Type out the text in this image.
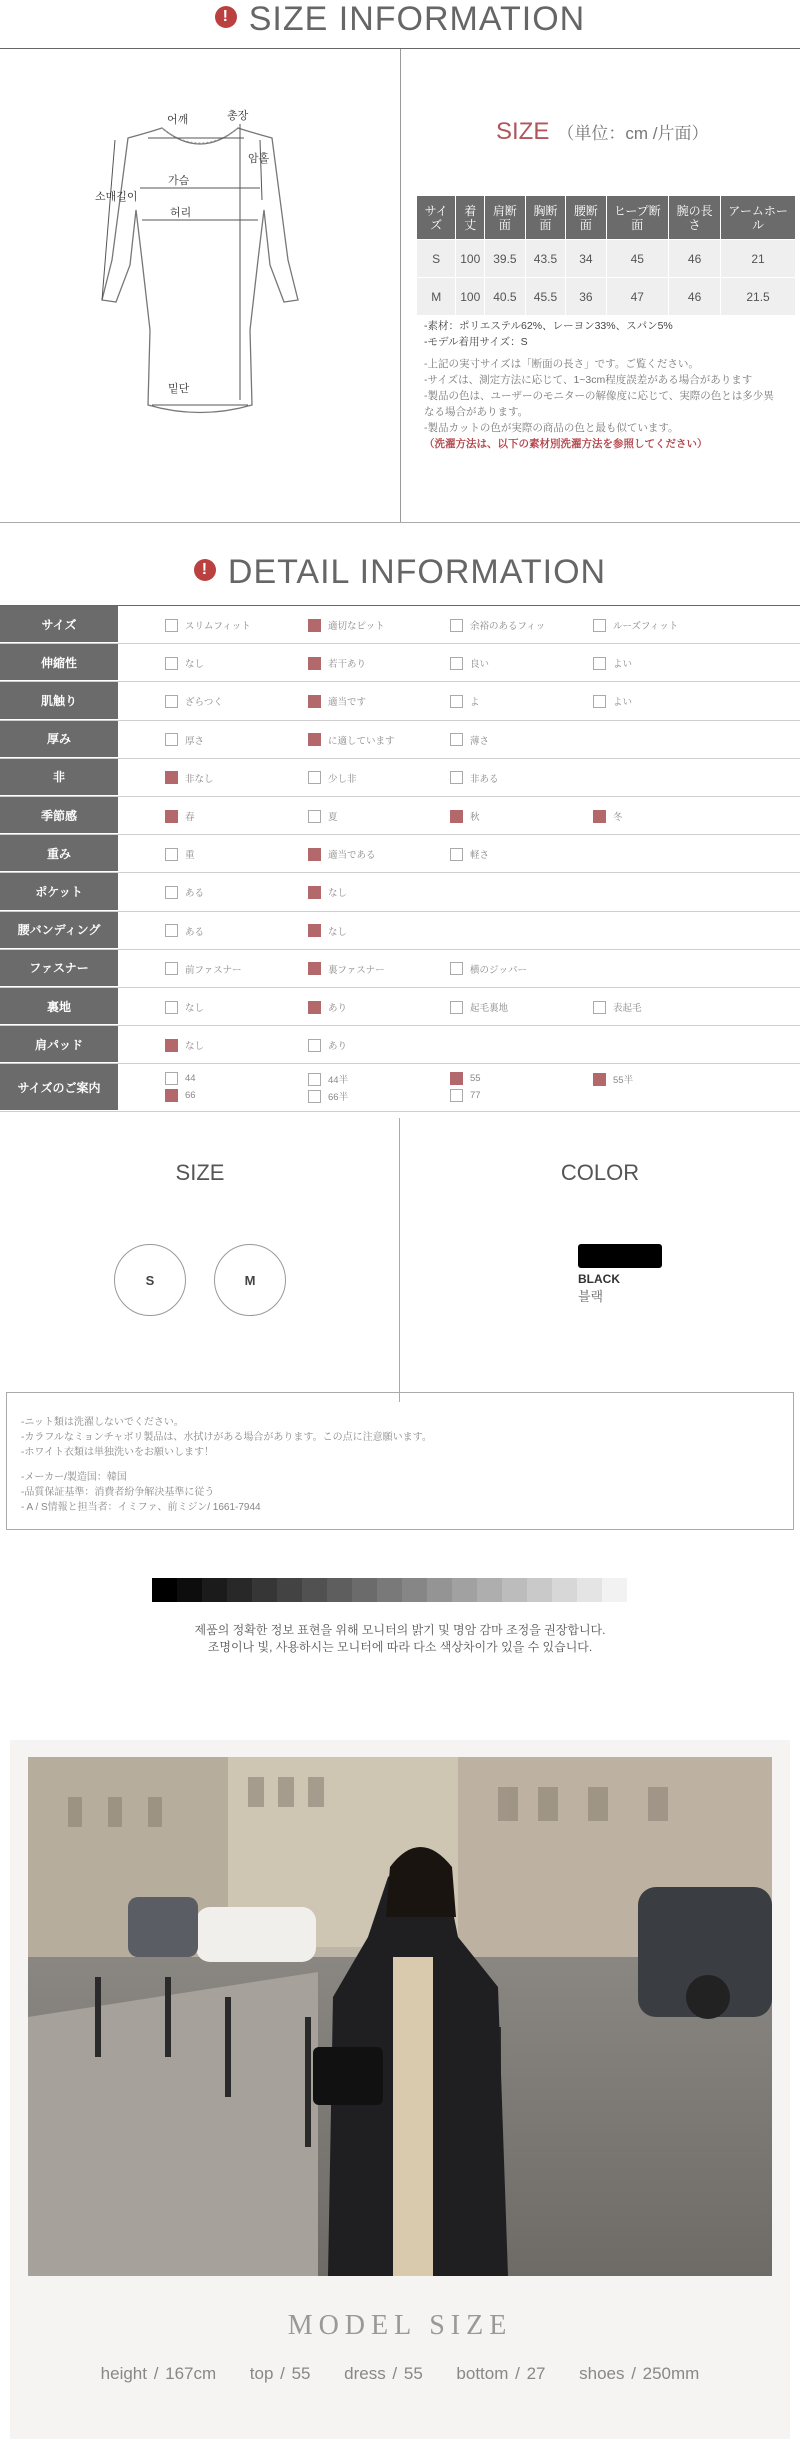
! SIZE INFORMATION
어깨	총장
암홀
소매길이
가슴
허리
밑단
SIZE （単位：cm /片面）
サイズ	着丈	肩断面	胸断面	腰断面	ヒープ断面	腕の長さ	アームホール
S	100	39.5	43.5	34	45	46	21
M	100	40.5	45.5	36	47	46	21.5
-素材：ポリエステル62%、レーヨン33%、スパン5%
-モデル着用サイズ：S
-上記の実寸サイズは「断面の長さ」です。ご覧ください。
-サイズは、測定方法に応じて、1~3cm程度誤差がある場合があります
-製品の色は、ユーザーのモニターの解像度に応じて、実際の色とは多少異
なる場合があります。
-製品カットの色が実際の商品の色と最も似ています。
（洗濯方法は、以下の素材別洗濯方法を参照してください）
! DETAIL INFORMATION
サイズ	スリムフィット	適切なピット	余裕のあるフィッ	ルーズフィット
伸縮性	なし	若干あり	良い	よい
肌触り	ざらつく	適当です	よ	よい
厚み	厚さ	に適しています	薄さ
非	非なし	少し非	非ある
季節感	春	夏	秋	冬
重み	重	適当である	軽さ
ポケット	ある	なし
腰バンディング	ある	なし
ファスナー	前ファスナー	裏ファスナー	横のジッパー
裏地	なし	あり	起毛裏地	表起毛
肩パッド	なし	あり
サイズのご案内
44	44半	55	55半
66	66半	77
SIZE	COLOR
S	M	BLACK
블랙
-ニット類は洗濯しないでください。
-カラフルなミョンチャボリ製品は、水拭けがある場合があります。この点に注意願います。
-ホワイト衣類は単独洗いをお願いします！
-メーカー/製造国：韓国
-品質保証基準：消費者紛争解決基準に従う
- A / S情報と担当者：イミファ、前ミジン/ 1661-7944
제품의 정확한 정보 표현을 위해 모니터의 밝기 및 명암 감마 조정을 권장합니다.
조명이나 빛, 사용하시는 모니터에 따라 다소 색상차이가 있을 수 있습니다.
MODEL SIZE
height / 167cm top / 55 dress / 55 bottom / 27 shoes / 250mm
